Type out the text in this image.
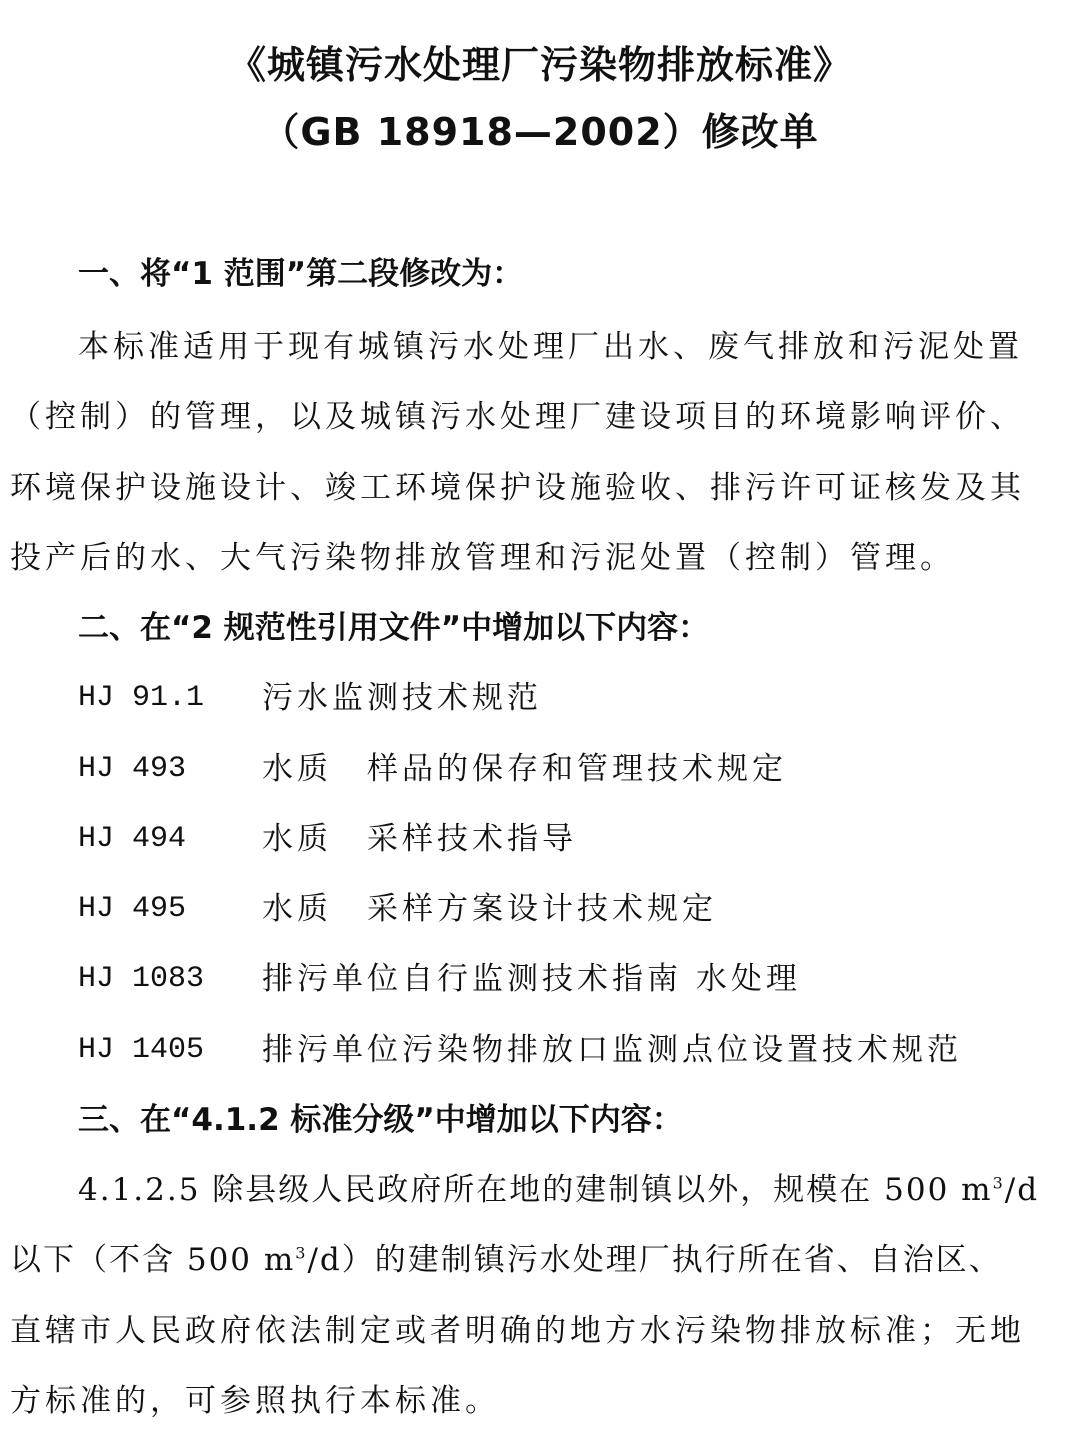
《城镇污水处理厂污染物排放标准》
（GB 18918—2002）修改单
一、将“1 范围”第二段修改为：
本标准适用于现有城镇污水处理厂出水、废气排放和污泥处置
（控制）的管理，以及城镇污水处理厂建设项目的环境影响评价、
环境保护设施设计、竣工环境保护设施验收、排污许可证核发及其
投产后的水、大气污染物排放管理和污泥处置（控制）管理。
二、在“2 规范性引用文件”中增加以下内容：
HJ 91.1 污水监测技术规范
HJ 493 水质　样品的保存和管理技术规定
HJ 494 水质　采样技术指导
HJ 495 水质　采样方案设计技术规定
HJ 1083 排污单位自行监测技术指南 水处理
HJ 1405 排污单位污染物排放口监测点位设置技术规范
三、在“4.1.2 标准分级”中增加以下内容：
4.1.2.5 除县级人民政府所在地的建制镇以外，规模在 500 $m^3/d$
以下（不含 500 $m^3/d$）的建制镇污水处理厂执行所在省、自治区、
直辖市人民政府依法制定或者明确的地方水污染物排放标准；无地
方标准的，可参照执行本标准。
